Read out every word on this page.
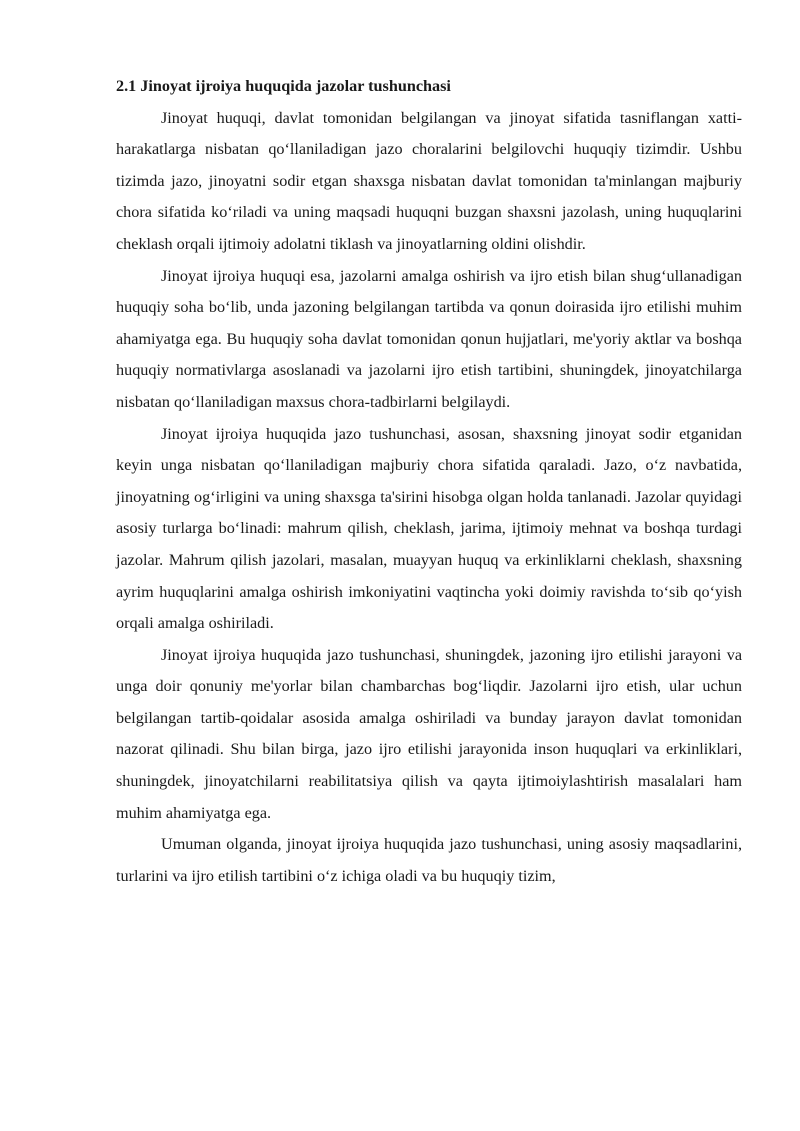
2.1 Jinoyat ijroiya huquqida jazolar tushunchasi

Jinoyat huquqi, davlat tomonidan belgilangan va jinoyat sifatida tasniflangan xatti-harakatlarga nisbatan qo‘llaniladigan jazo choralarini belgilovchi huquqiy tizimdir. Ushbu tizimda jazo, jinoyatni sodir etgan shaxsga nisbatan davlat tomonidan ta'minlangan majburiy chora sifatida ko‘riladi va uning maqsadi huquqni buzgan shaxsni jazolash, uning huquqlarini cheklash orqali ijtimoiy adolatni tiklash va jinoyatlarning oldini olishdir.

Jinoyat ijroiya huquqi esa, jazolarni amalga oshirish va ijro etish bilan shug‘ullanadigan huquqiy soha bo‘lib, unda jazoning belgilangan tartibda va qonun doirasida ijro etilishi muhim ahamiyatga ega. Bu huquqiy soha davlat tomonidan qonun hujjatlari, me'yoriy aktlar va boshqa huquqiy normativlarga asoslanadi va jazolarni ijro etish tartibini, shuningdek, jinoyatchilarga nisbatan qo‘llaniladigan maxsus chora-tadbirlarni belgilaydi.

Jinoyat ijroiya huquqida jazo tushunchasi, asosan, shaxsning jinoyat sodir etganidan keyin unga nisbatan qo‘llaniladigan majburiy chora sifatida qaraladi. Jazo, o‘z navbatida, jinoyatning og‘irligini va uning shaxsga ta'sirini hisobga olgan holda tanlanadi. Jazolar quyidagi asosiy turlarga bo‘linadi: mahrum qilish, cheklash, jarima, ijtimoiy mehnat va boshqa turdagi jazolar. Mahrum qilish jazolari, masalan, muayyan huquq va erkinliklarni cheklash, shaxsning ayrim huquqlarini amalga oshirish imkoniyatini vaqtincha yoki doimiy ravishda to‘sib qo‘yish orqali amalga oshiriladi.

Jinoyat ijroiya huquqida jazo tushunchasi, shuningdek, jazoning ijro etilishi jarayoni va unga doir qonuniy me'yorlar bilan chambarchas bog‘liqdir. Jazolarni ijro etish, ular uchun belgilangan tartib-qoidalar asosida amalga oshiriladi va bunday jarayon davlat tomonidan nazorat qilinadi. Shu bilan birga, jazo ijro etilishi jarayonida inson huquqlari va erkinliklari, shuningdek, jinoyatchilarni reabilitatsiya qilish va qayta ijtimoiylashtirish masalalari ham muhim ahamiyatga ega.

Umuman olganda, jinoyat ijroiya huquqida jazo tushunchasi, uning asosiy maqsadlarini, turlarini va ijro etilish tartibini o‘z ichiga oladi va bu huquqiy tizim,
